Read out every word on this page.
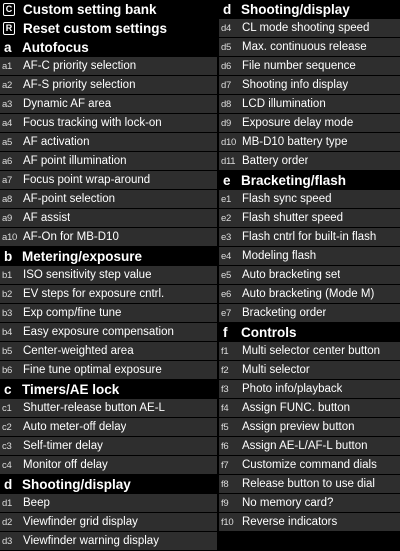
C Custom setting bank
R Reset custom settings
a Autofocus
a1 AF-C priority selection
a2 AF-S priority selection
a3 Dynamic AF area
a4 Focus tracking with lock-on
a5 AF activation
a6 AF point illumination
a7 Focus point wrap-around
a8 AF-point selection
a9 AF assist
a10 AF-On for MB-D10
b Metering/exposure
b1 ISO sensitivity step value
b2 EV steps for exposure cntrl.
b3 Exp comp/fine tune
b4 Easy exposure compensation
b5 Center-weighted area
b6 Fine tune optimal exposure
c Timers/AE lock
c1	Shutter-release button AE-L
c2	Auto meter-off delay
c3	Self-timer delay
c4	Monitor off delay
d Shooting/display
d1 Beep
d2 Viewfinder grid display
d3 Viewfinder warning display
d Shooting/display
d4 CL mode shooting speed
d5 Max. continuous release
d6 File number sequence
d7 Shooting info display
d8 LCD illumination
d9 Exposure delay mode
d10 MB-D10 battery type
d11 Battery order
e Bracketing/flash
e1 Flash sync speed
e2 Flash shutter speed
e3 Flash cntrl for built-in flash
e4 Modeling flash
e5 Auto bracketing set
e6 Auto bracketing (Mode M)
e7 Bracketing order
f	Controls
f1	Multi selector center button
f2	Multi selector
f3	Photo info/playback
f4	Assign FUNC. button
f5	Assign preview button
f6	Assign AE-L/AF-L button
f7	Customize command dials
f8	Release button to use dial
f9	No memory card?
f10 Reverse indicators
